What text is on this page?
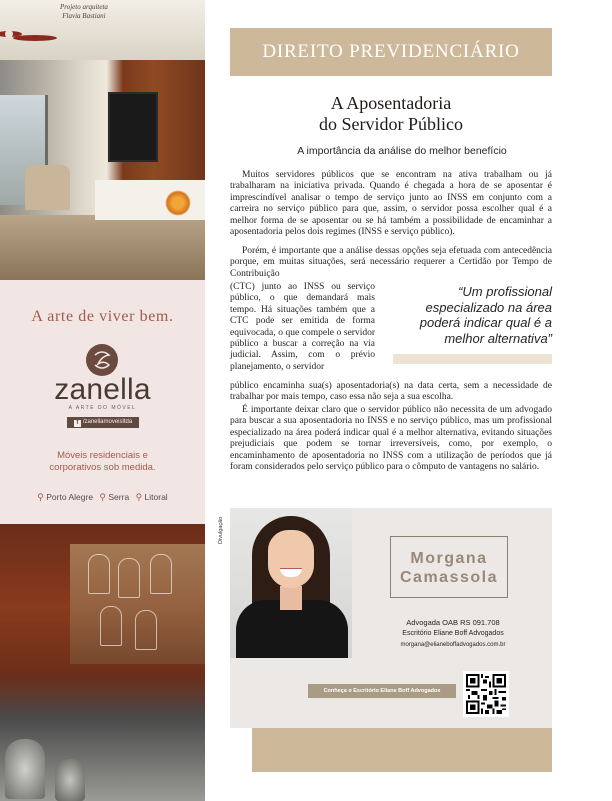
Projeto arquiteta
Flavia Bastiani
A arte de viver bem.
zanella
A ARTE DO MÓVEL
f /zanellamoveisltda
Móveis residenciais e
corporativos sob medida.
⚲ Porto Alegre ⚲ Serra ⚲ Litoral
DIREITO PREVIDENCIÁRIO
A Aposentadoria
do Servidor Público
A importância da análise do melhor benefício
Muitos servidores públicos que se encontram na ativa trabalham ou já trabalharam na iniciativa privada. Quando é chegada a hora de se aposentar é imprescindível analisar o tempo de serviço junto ao INSS em conjunto com a carreira no serviço público para que, assim, o servidor possa escolher qual é a melhor forma de se aposentar ou se há também a possibilidade de encaminhar a aposentadoria pelos dois regimes (INSS e serviço público).
Porém, é importante que a análise dessas opções seja efetuada com antecedência porque, em muitas situações, será necessário requerer a Certidão por Tempo de Contribuição
(CTC) junto ao INSS ou serviço público, o que demandará mais tempo. Há situações também que a CTC pode ser emitida de forma equivocada, o que compele o servidor público a buscar a correção na via judicial. Assim, com o prévio planejamento, o servidor
público encaminha sua(s) aposentadoria(s) na data certa, sem a necessidade de trabalhar por mais tempo, caso essa não seja a sua escolha.
É importante deixar claro que o servidor público não necessita de um advogado para buscar a sua aposentadoria no INSS e no serviço público, mas um profissional especializado na área poderá indicar qual é a melhor alternativa, evitando situações prejudiciais que podem se tornar irreversíveis, como, por exemplo, o encaminhamento de aposentadoria no INSS com a utilização de períodos que já foram considerados pelo serviço público para o cômputo de vantagens no salário.
“Um profissional especializado na área poderá indicar qual é a melhor alternativa”
Divulgação
Morgana
Camassola
Advogada OAB RS 091.708
Escritório Eliane Boff Advogados
morgana@elianeboffadvogados.com.br
Conheça o Escritório Eliane Boff Advogados
